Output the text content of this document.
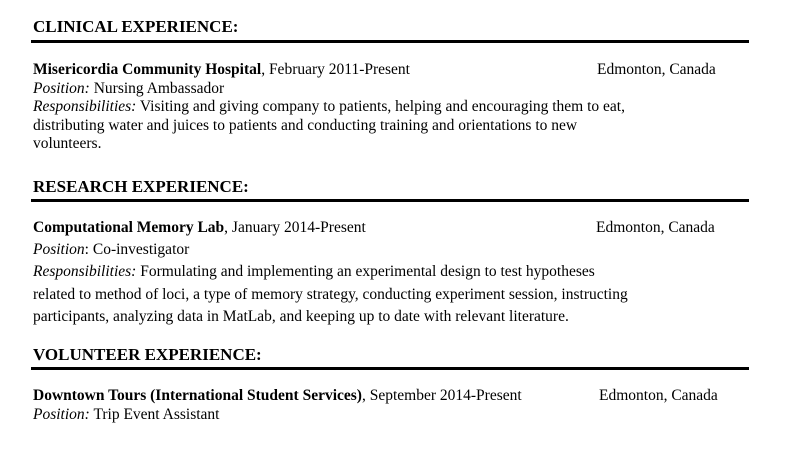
CLINICAL EXPERIENCE:
Misericordia Community Hospital, February 2011-Present	Edmonton, Canada
Position: Nursing Ambassador
Responsibilities: Visiting and giving company to patients, helping and encouraging them to eat,
distributing water and juices to patients and conducting training and orientations to new
volunteers.
RESEARCH EXPERIENCE:
Computational Memory Lab, January 2014-Present	Edmonton, Canada
Position: Co-investigator
Responsibilities: Formulating and implementing an experimental design to test hypotheses
related to method of loci, a type of memory strategy, conducting experiment session, instructing
participants, analyzing data in MatLab, and keeping up to date with relevant literature.
VOLUNTEER EXPERIENCE:
Downtown Tours (International Student Services), September 2014-Present	Edmonton, Canada
Position: Trip Event Assistant
